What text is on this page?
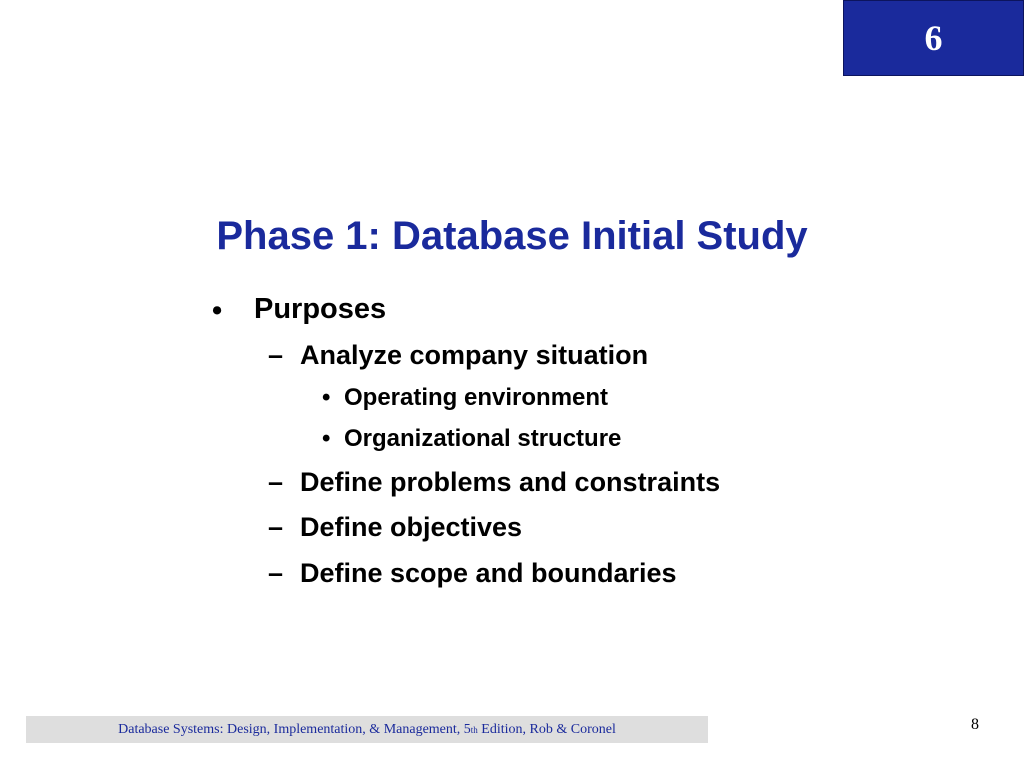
6
Phase 1: Database Initial Study
• Purposes
– Analyze company situation
• Operating environment
• Organizational structure
– Define problems and constraints
– Define objectives
– Define scope and boundaries
Database Systems: Design, Implementation, & Management, 5 th Edition, Rob & Coronel	8
